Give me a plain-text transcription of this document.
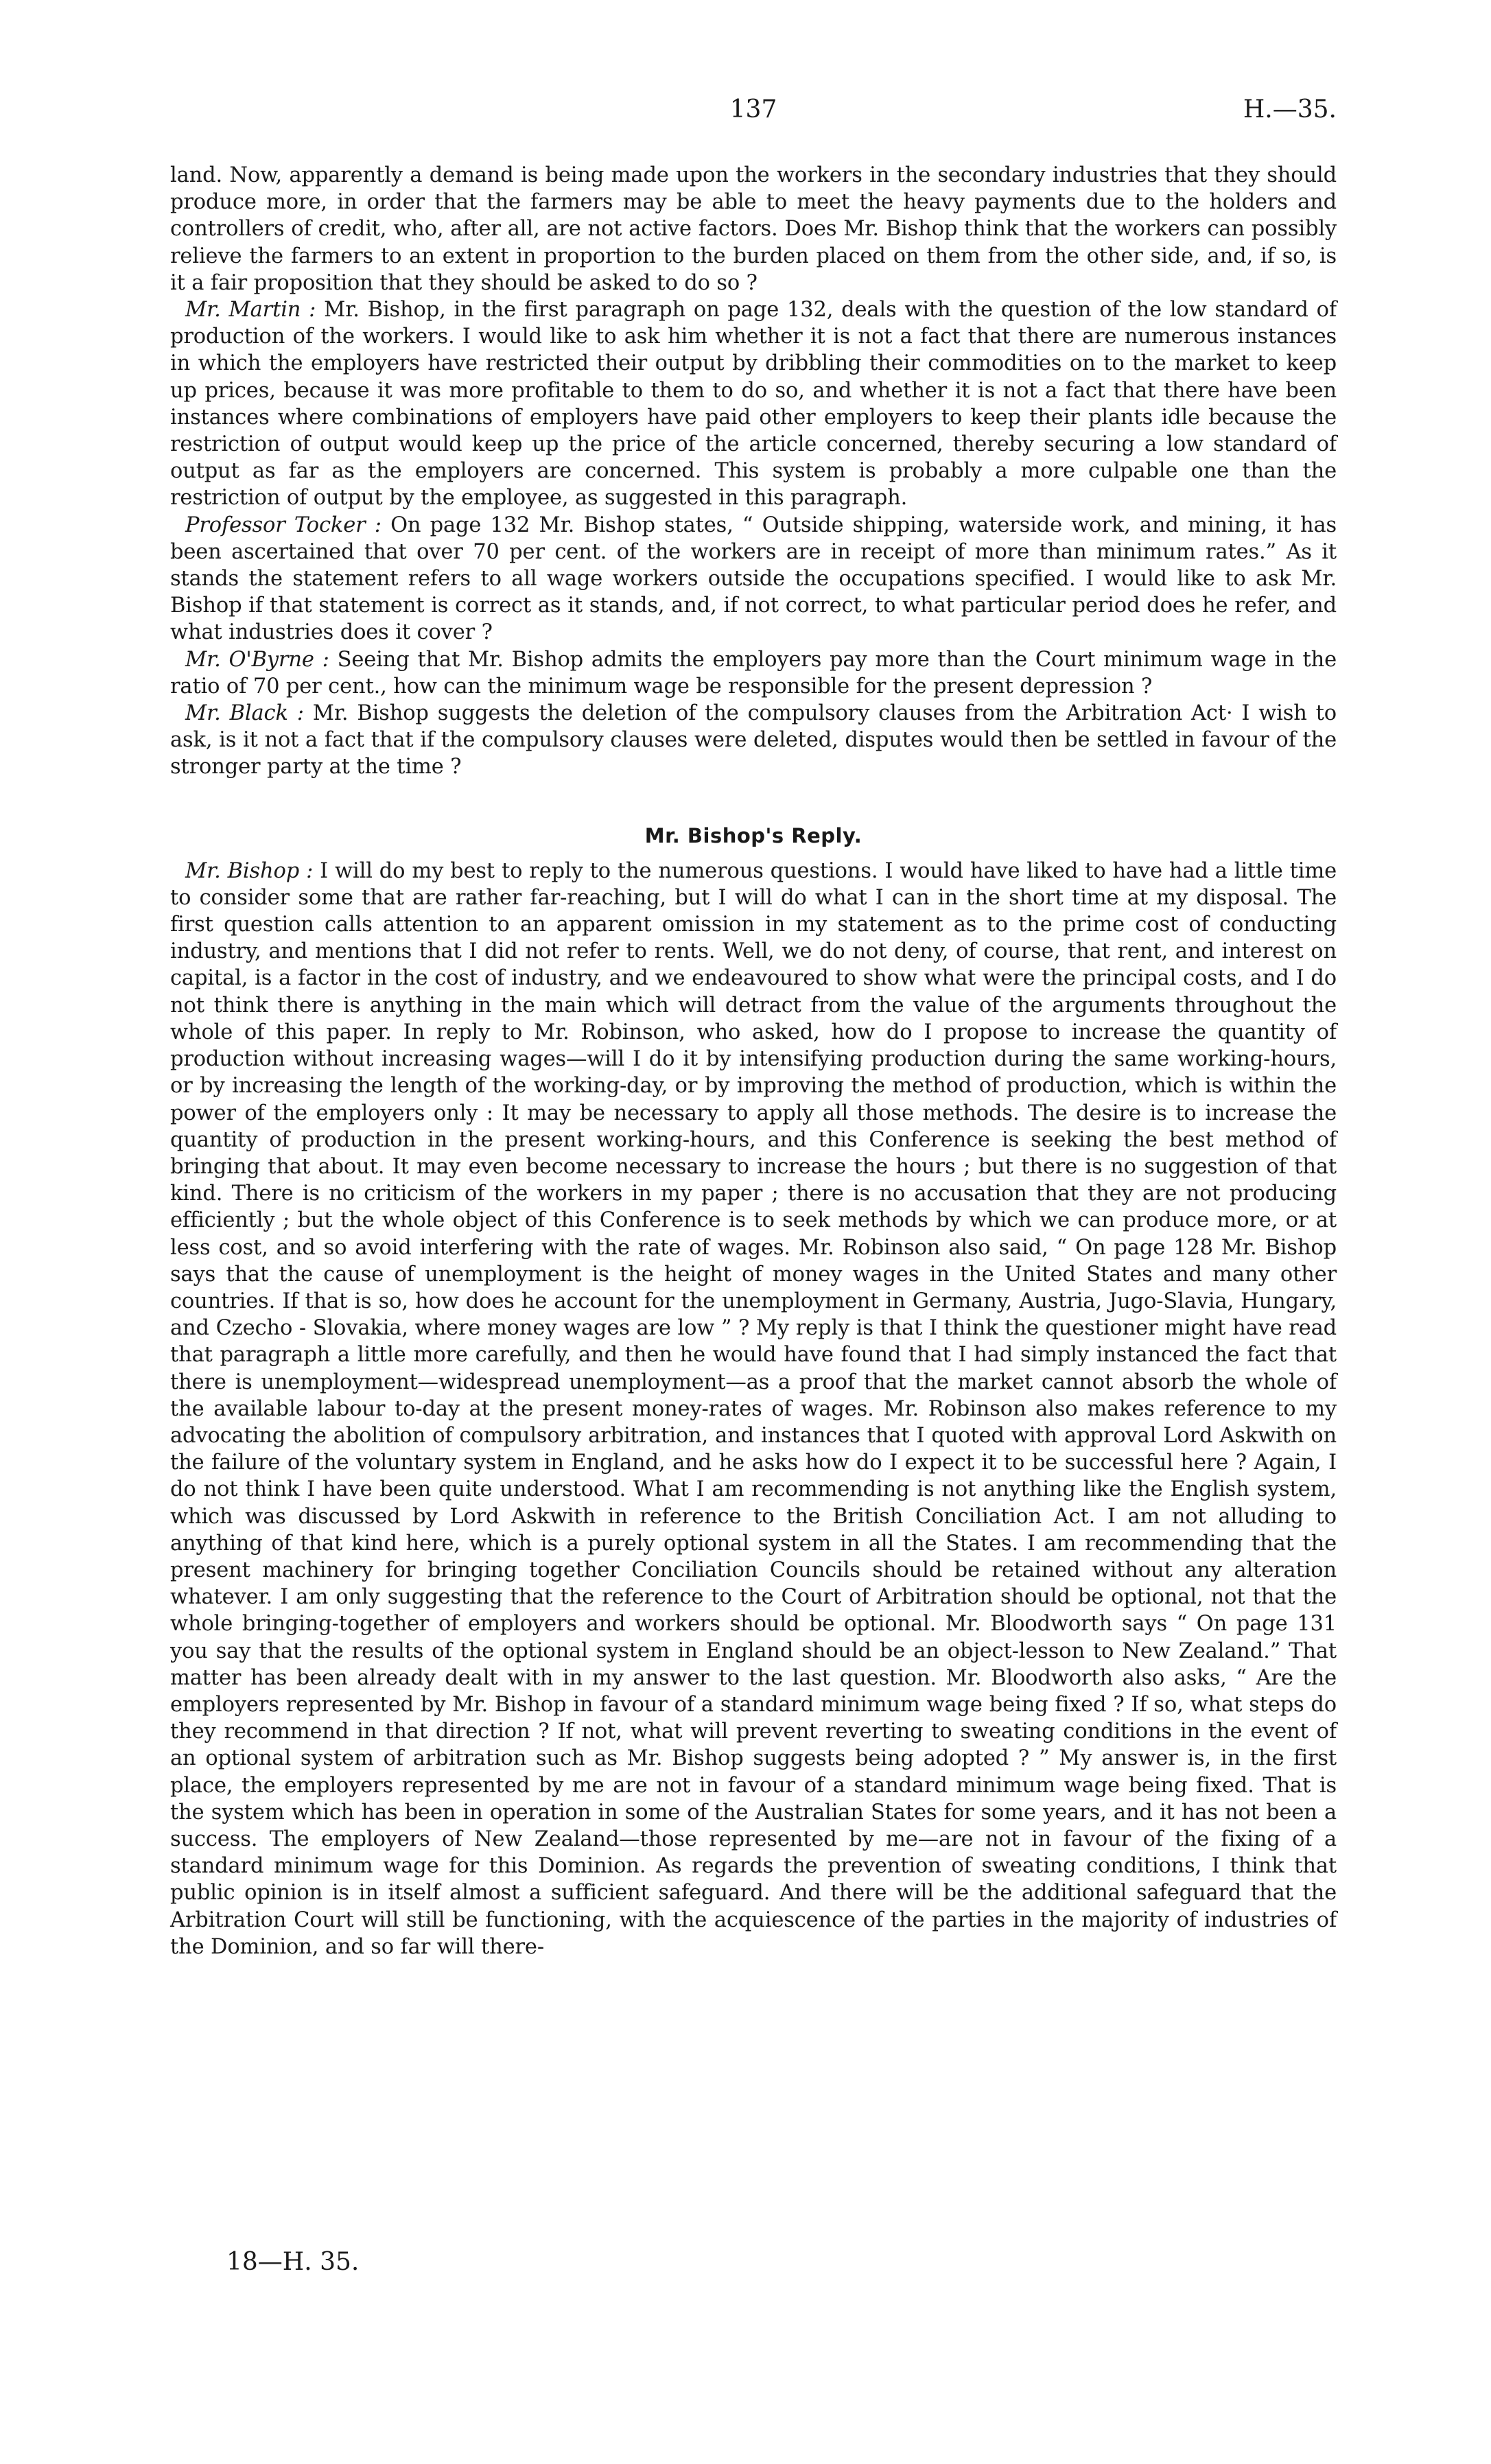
137	H.—35.

land. Now, apparently a demand is being made upon the workers in the secondary industries that they should produce more, in order that the farmers may be able to meet the heavy payments due to the holders and controllers of credit, who, after all, are not active factors. Does Mr. Bishop think that the workers can possibly relieve the farmers to an extent in proportion to the burden placed on them from the other side, and, if so, is it a fair proposition that they should be asked to do so ?

Mr. Martin : Mr. Bishop, in the first paragraph on page 132, deals with the question of the low standard of production of the workers. I would like to ask him whether it is not a fact that there are numerous instances in which the employers have restricted their output by dribbling their commodities on to the market to keep up prices, because it was more profitable to them to do so, and whether it is not a fact that there have been instances where combinations of employers have paid other employers to keep their plants idle because the restriction of output would keep up the price of the article concerned, thereby securing a low standard of output as far as the employers are concerned. This system is probably a more culpable one than the restriction of output by the employee, as suggested in this paragraph.

Professor Tocker : On page 132 Mr. Bishop states, “ Outside shipping, waterside work, and mining, it has been ascertained that over 70 per cent. of the workers are in receipt of more than minimum rates.” As it stands the statement refers to all wage workers outside the occupations specified. I would like to ask Mr. Bishop if that statement is correct as it stands, and, if not correct, to what particular period does he refer, and what industries does it cover ?

Mr. O'Byrne : Seeing that Mr. Bishop admits the employers pay more than the Court minimum wage in the ratio of 70 per cent., how can the minimum wage be responsible for the present depression ?

Mr. Black : Mr. Bishop suggests the deletion of the compulsory clauses from the Arbitration Act· I wish to ask, is it not a fact that if the compulsory clauses were deleted, disputes would then be settled in favour of the stronger party at the time ?

Mr. Bishop's Reply.

Mr. Bishop : I will do my best to reply to the numerous questions. I would have liked to have had a little time to consider some that are rather far-reaching, but I will do what I can in the short time at my disposal. The first question calls attention to an apparent omission in my statement as to the prime cost of conducting industry, and mentions that I did not refer to rents. Well, we do not deny, of course, that rent, and interest on capital, is a factor in the cost of industry, and we endeavoured to show what were the principal costs, and I do not think there is anything in the main which will detract from the value of the arguments throughout the whole of this paper. In reply to Mr. Robinson, who asked, how do I propose to increase the quantity of production without increasing wages—will I do it by intensifying production during the same working-hours, or by increasing the length of the working-day, or by improving the method of production, which is within the power of the employers only : It may be necessary to apply all those methods. The desire is to increase the quantity of production in the present working-hours, and this Conference is seeking the best method of bringing that about. It may even become necessary to increase the hours ; but there is no suggestion of that kind. There is no criticism of the workers in my paper ; there is no accusation that they are not producing efficiently ; but the whole object of this Conference is to seek methods by which we can produce more, or at less cost, and so avoid interfering with the rate of wages. Mr. Robinson also said, “ On page 128 Mr. Bishop says that the cause of unemployment is the height of money wages in the United States and many other countries. If that is so, how does he account for the unemployment in Germany, Austria, Jugo-Slavia, Hungary, and Czecho - Slovakia, where money wages are low ” ? My reply is that I think the questioner might have read that paragraph a little more carefully, and then he would have found that I had simply instanced the fact that there is unemployment—widespread unemployment—as a proof that the market cannot absorb the whole of the available labour to-day at the present money-rates of wages. Mr. Robinson also makes reference to my advocating the abolition of compulsory arbitration, and instances that I quoted with approval Lord Askwith on the failure of the voluntary system in England, and he asks how do I expect it to be successful here ? Again, I do not think I have been quite understood. What I am recommending is not anything like the English system, which was discussed by Lord Askwith in reference to the British Conciliation Act. I am not alluding to anything of that kind here, which is a purely optional system in all the States. I am recommending that the present machinery for bringing together Conciliation Councils should be retained without any alteration whatever. I am only suggesting that the reference to the Court of Arbitration should be optional, not that the whole bringing-together of employers and workers should be optional. Mr. Bloodworth says “ On page 131 you say that the results of the optional system in England should be an object-lesson to New Zealand.” That matter has been already dealt with in my answer to the last question. Mr. Bloodworth also asks, “ Are the employers represented by Mr. Bishop in favour of a standard minimum wage being fixed ? If so, what steps do they recommend in that direction ? If not, what will prevent reverting to sweating conditions in the event of an optional system of arbitration such as Mr. Bishop suggests being adopted ? ” My answer is, in the first place, the employers represented by me are not in favour of a standard minimum wage being fixed. That is the system which has been in operation in some of the Australian States for some years, and it has not been a success. The employers of New Zealand—those represented by me—are not in favour of the fixing of a standard minimum wage for this Dominion. As regards the prevention of sweating conditions, I think that public opinion is in itself almost a sufficient safeguard. And there will be the additional safeguard that the Arbitration Court will still be functioning, with the acquiescence of the parties in the majority of industries of the Dominion, and so far will there-

18—H. 35.
